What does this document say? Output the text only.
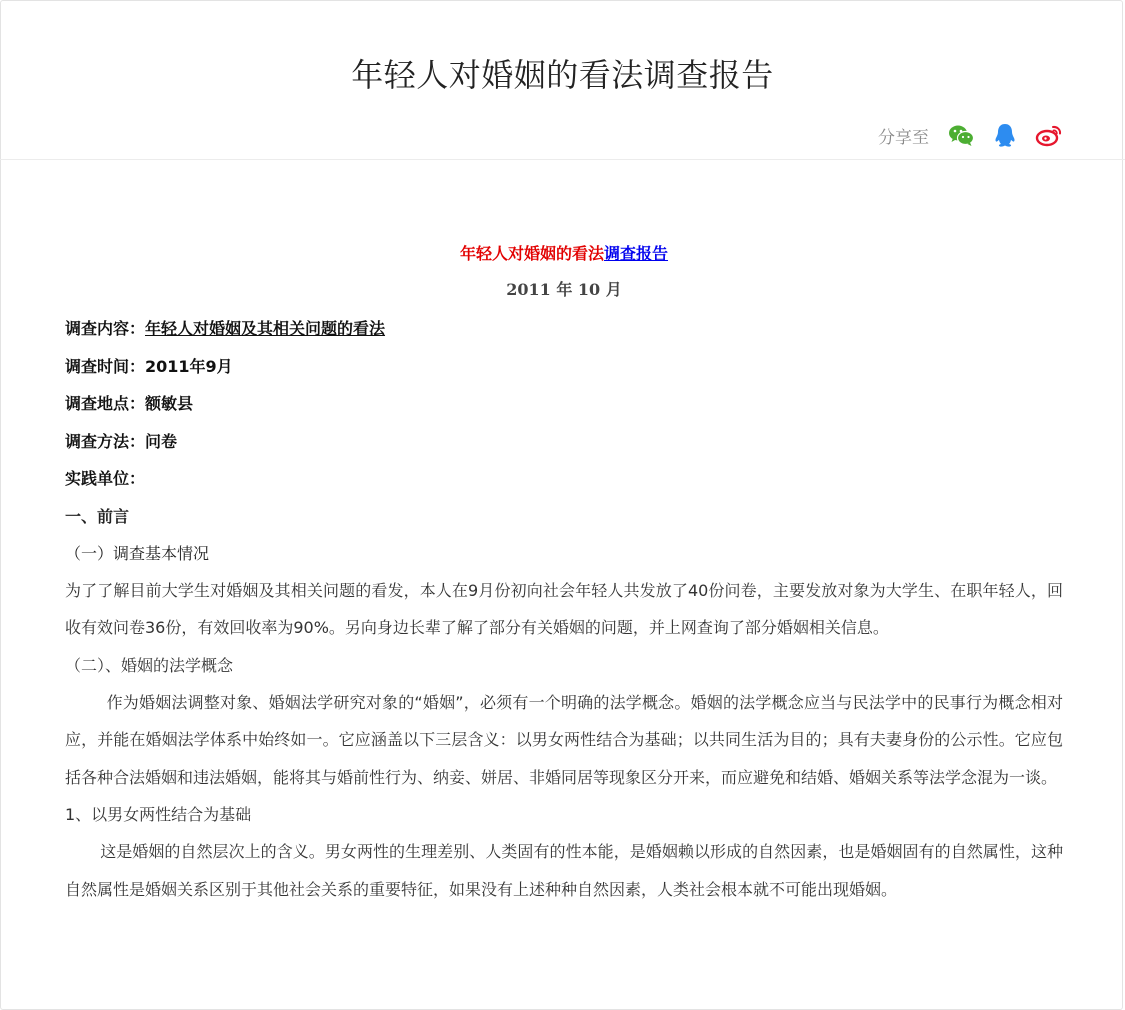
年轻人对婚姻的看法调查报告
分享至
年轻人对婚姻的看法调查报告
2011 年 10 月
调查内容：年轻人对婚姻及其相关问题的看法
调查时间：2011年9月
调查地点：额敏县
调查方法：问卷
实践单位：
一、前言
（一）调查基本情况
为了了解目前大学生对婚姻及其相关问题的看发，本人在9月份初向社会年轻人共发放了40份问卷，主要发放对象为大学生、在职年轻人，回收有效问卷36份，有效回收率为90%。另向身边长辈了解了部分有关婚姻的问题，并上网查询了部分婚姻相关信息。
（二）、婚姻的法学概念
作为婚姻法调整对象、婚姻法学研究对象的“婚姻”，必须有一个明确的法学概念。婚姻的法学概念应当与民法学中的民事行为概念相对应，并能在婚姻法学体系中始终如一。它应涵盖以下三层含义：以男女两性结合为基础；以共同生活为目的；具有夫妻身份的公示性。它应包括各种合法婚姻和违法婚姻，能将其与婚前性行为、纳妾、姘居、非婚同居等现象区分开来，而应避免和结婚、婚姻关系等法学念混为一谈。
1、以男女两性结合为基础
这是婚姻的自然层次上的含义。男女两性的生理差别、人类固有的性本能，是婚姻赖以形成的自然因素，也是婚姻固有的自然属性，这种自然属性是婚姻关系区别于其他社会关系的重要特征，如果没有上述种种自然因素，人类社会根本就不可能出现婚姻。
